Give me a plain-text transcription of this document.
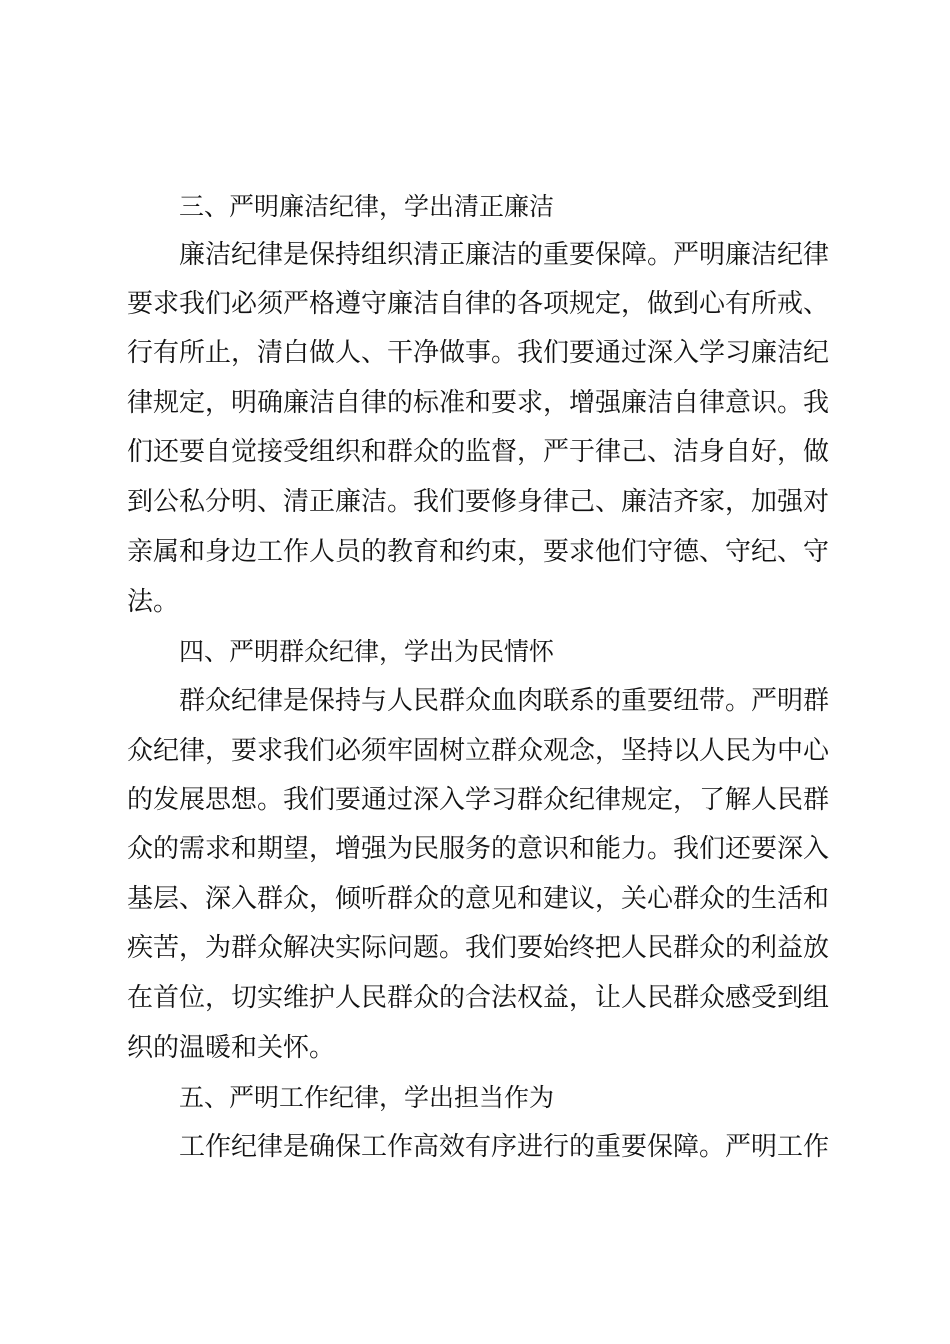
三、严明廉洁纪律，学出清正廉洁
廉洁纪律是保持组织清正廉洁的重要保障。严明廉洁纪律
要求我们必须严格遵守廉洁自律的各项规定，做到心有所戒、
行有所止，清白做人、干净做事。我们要通过深入学习廉洁纪
律规定，明确廉洁自律的标准和要求，增强廉洁自律意识。我
们还要自觉接受组织和群众的监督，严于律己、洁身自好，做
到公私分明、清正廉洁。我们要修身律己、廉洁齐家，加强对
亲属和身边工作人员的教育和约束，要求他们守德、守纪、守
法。
四、严明群众纪律，学出为民情怀
群众纪律是保持与人民群众血肉联系的重要纽带。严明群
众纪律，要求我们必须牢固树立群众观念，坚持以人民为中心
的发展思想。我们要通过深入学习群众纪律规定，了解人民群
众的需求和期望，增强为民服务的意识和能力。我们还要深入
基层、深入群众，倾听群众的意见和建议，关心群众的生活和
疾苦，为群众解决实际问题。我们要始终把人民群众的利益放
在首位，切实维护人民群众的合法权益，让人民群众感受到组
织的温暖和关怀。
五、严明工作纪律，学出担当作为
工作纪律是确保工作高效有序进行的重要保障。严明工作
